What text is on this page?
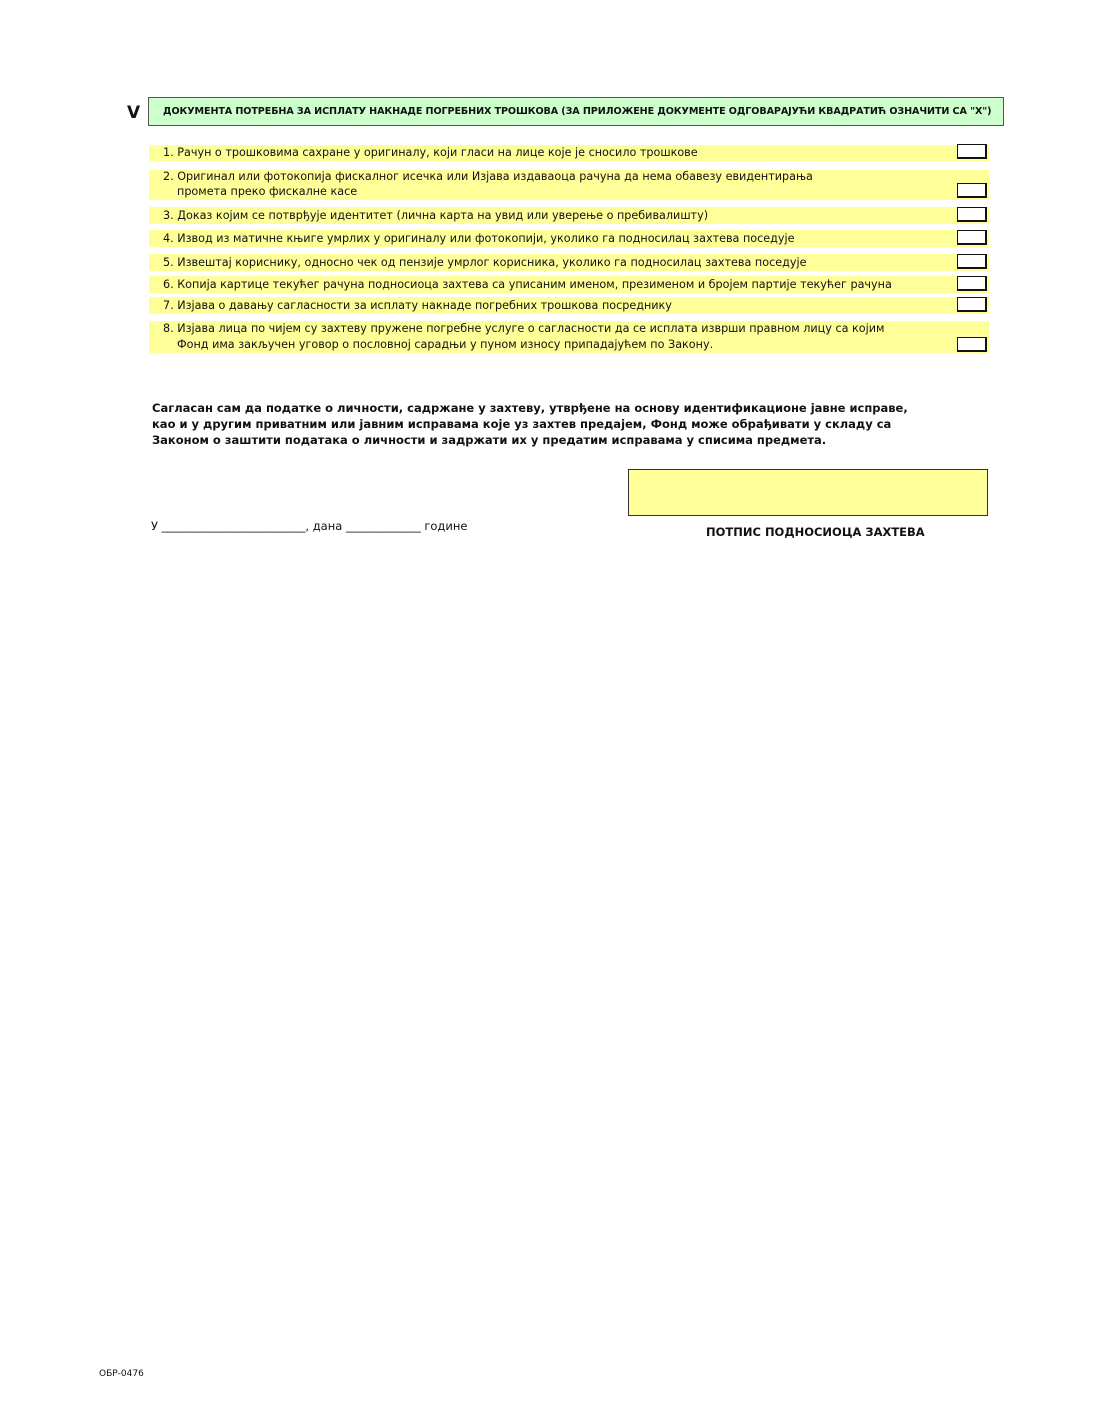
V	ДОКУМЕНТА ПОТРЕБНА ЗА ИСПЛАТУ НАКНАДЕ ПОГРЕБНИХ ТРОШКОВА (ЗА ПРИЛОЖЕНЕ ДОКУМЕНТЕ ОДГОВАРАЈУЋИ КВАДРАТИЋ ОЗНАЧИТИ СА "Х")
1. Рачун о трошковима сахране у оригиналу, који гласи на лице које је сносило трошкове
2. Оригинал или фотокопија фискалног исечка или Изјава издаваоца рачуна да нема обавезу евидентирања
промета преко фискалне касе
3. Доказ којим се потврђује идентитет (лична карта на увид или уверење о пребивалишту)
4. Извод из матичне књиге умрлих у оригиналу или фотокопији, уколико га подносилац захтева поседује
5. Извештај кориснику, односно чек од пензије умрлог корисника, уколико га подносилац захтева поседује
6. Копија картице текућег рачуна подносиоца захтева са уписаним именом, презименом и бројем партије текућег рачуна
7. Изјава о давању сагласности за исплату накнаде погребних трошкова посреднику
8. Изјава лица по чијем су захтеву пружене погребне услуге о сагласности да се исплата изврши правном лицу са којим
Фонд има закључен уговор о пословној сарадњи у пуном износу припадајућем по Закону.
Сагласан сам да податке о личности, садржане у захтеву, утврђене на основу идентификационе јавне исправе,
као и у другим приватним или јавним исправама које уз захтев предајем, Фонд може обрађивати у складу са
Законом о заштити података о личности и задржати их у предатим исправама у списима предмета.
У _________________________, дана _____________ године	ПОТПИС ПОДНОСИОЦА ЗАХТЕВА
ОБР-0476
